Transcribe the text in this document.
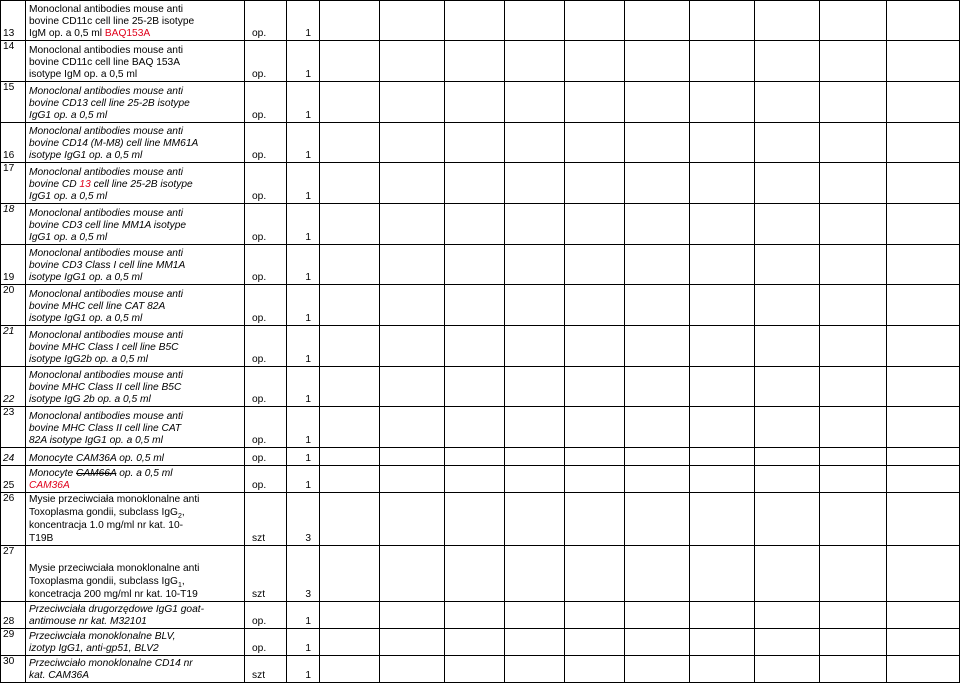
13	Monoclonal antibodies mouse anti
bovine CD11c cell line 25-2B isotype
IgM op. a 0,5 ml BAQ153A	op.	1										
14	Monoclonal antibodies mouse anti
bovine CD11c cell line BAQ 153A
isotype IgM op. a 0,5 ml	op.	1										
15	Monoclonal antibodies mouse anti
bovine CD13 cell line 25-2B isotype
IgG1 op. a 0,5 ml	op.	1										
16	Monoclonal antibodies mouse anti
bovine CD14 (M-M8) cell line MM61A
isotype IgG1 op. a 0,5 ml	op.	1										
17	Monoclonal antibodies mouse anti
bovine CD 13 cell line 25-2B isotype
IgG1 op. a 0,5 ml	op.	1										
18	Monoclonal antibodies mouse anti
bovine CD3 cell line MM1A isotype
IgG1 op. a 0,5 ml	op.	1										
19	Monoclonal antibodies mouse anti
bovine CD3 Class I cell line MM1A
isotype IgG1 op. a 0,5 ml	op.	1										
20	Monoclonal antibodies mouse anti
bovine MHC cell line CAT 82A
isotype IgG1 op. a 0,5 ml	op.	1										
21	Monoclonal antibodies mouse anti
bovine MHC Class I cell line B5C
isotype IgG2b op. a 0,5 ml	op.	1										
22	Monoclonal antibodies mouse anti
bovine MHC Class II cell line B5C
isotype IgG 2b op. a 0,5 ml	op.	1										
23	Monoclonal antibodies mouse anti
bovine MHC Class II cell line CAT
82A isotype IgG1 op. a 0,5 ml	op.	1										
24	Monocyte CAM36A op. 0,5 ml	op.	1										
25	Monocyte CAM66A op. a 0,5 ml
CAM36A	op.	1										
26	Mysie przeciwciała monoklonalne anti
Toxoplasma gondii, subclass IgG$_2$,
koncentracja 1.0 mg/ml nr kat. 10-
T19B	szt	3										
27	Mysie przeciwciała monoklonalne anti
Toxoplasma gondii, subclass IgG$_1$,
koncetracja 200 mg/ml nr kat. 10-T19	szt	3										
28	Przeciwciała drugorzędowe IgG1 goat-
antimouse nr kat. M32101	op.	1										
29	Przeciwciała monoklonalne BLV,
izotyp IgG1, anti-gp51, BLV2	op.	1										
30	Przeciwciało monoklonalne CD14 nr
kat. CAM36A	szt	1										
